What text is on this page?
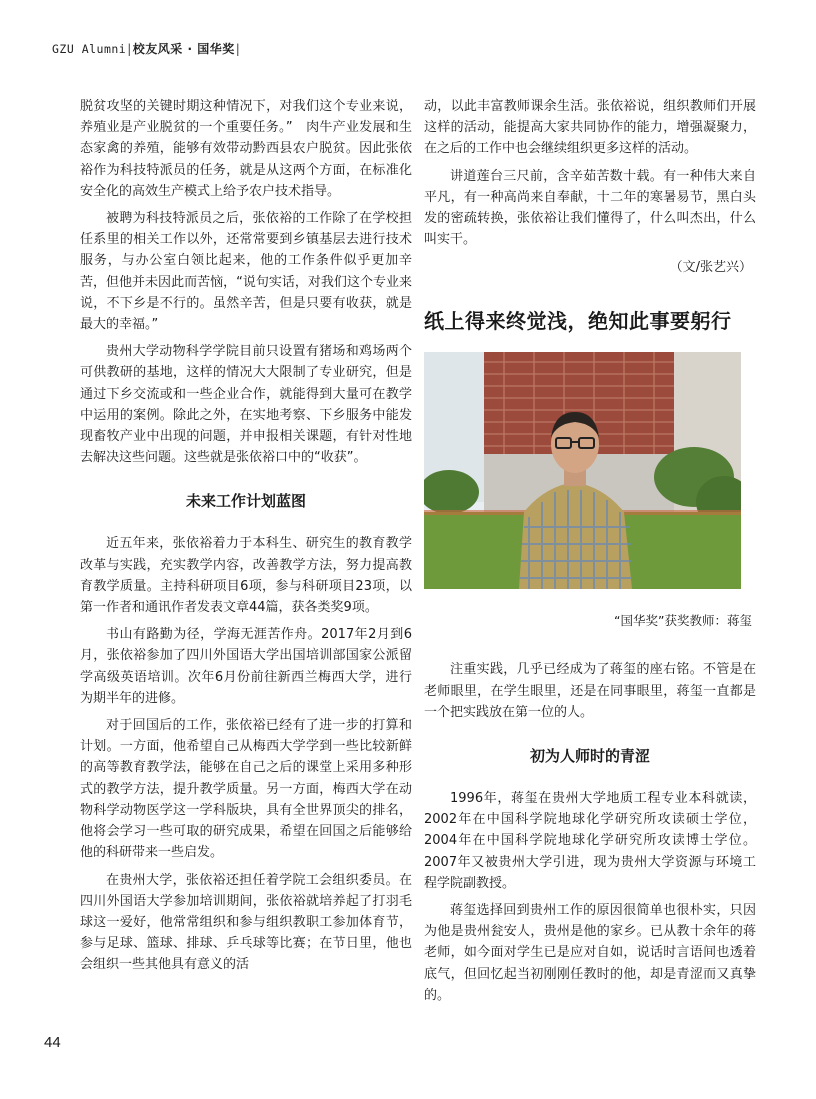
GZU Alumni|校友风采 · 国华奖|

脱贫攻坚的关键时期这种情况下，对我们这个专业来说，养殖业是产业脱贫的一个重要任务。”　肉牛产业发展和生态家禽的养殖，能够有效带动黔西县农户脱贫。因此张依裕作为科技特派员的任务，就是从这两个方面，在标准化安全化的高效生产模式上给予农户技术指导。

被聘为科技特派员之后，张依裕的工作除了在学校担任系里的相关工作以外，还常常要到乡镇基层去进行技术服务，与办公室白领比起来，他的工作条件似乎更加辛苦，但他并未因此而苦恼，“说句实话，对我们这个专业来说，不下乡是不行的。虽然辛苦，但是只要有收获，就是最大的幸福。”

贵州大学动物科学学院目前只设置有猪场和鸡场两个可供教研的基地，这样的情况大大限制了专业研究，但是通过下乡交流或和一些企业合作，就能得到大量可在教学中运用的案例。除此之外，在实地考察、下乡服务中能发现畜牧产业中出现的问题，并申报相关课题，有针对性地去解决这些问题。这些就是张依裕口中的“收获”。

未来工作计划蓝图

近五年来，张依裕着力于本科生、研究生的教育教学改革与实践，充实教学内容，改善教学方法，努力提高教育教学质量。主持科研项目6项，参与科研项目23项，以第一作者和通讯作者发表文章44篇，获各类奖9项。

书山有路勤为径，学海无涯苦作舟。2017年2月到6月，张依裕参加了四川外国语大学出国培训部国家公派留学高级英语培训。次年6月份前往新西兰梅西大学，进行为期半年的进修。

对于回国后的工作，张依裕已经有了进一步的打算和计划。一方面，他希望自己从梅西大学学到一些比较新鲜的高等教育教学法，能够在自己之后的课堂上采用多种形式的教学方法，提升教学质量。另一方面，梅西大学在动物科学动物医学这一学科版块，具有全世界顶尖的排名，他将会学习一些可取的研究成果，希望在回国之后能够给他的科研带来一些启发。

在贵州大学，张依裕还担任着学院工会组织委员。在四川外国语大学参加培训期间，张依裕就培养起了打羽毛球这一爱好，他常常组织和参与组织教职工参加体育节，参与足球、篮球、排球、乒乓球等比赛；在节日里，他也会组织一些其他具有意义的活

动，以此丰富教师课余生活。张依裕说，组织教师们开展这样的活动，能提高大家共同协作的能力，增强凝聚力，在之后的工作中也会继续组织更多这样的活动。

讲道莲台三尺前，含辛茹苦数十载。有一种伟大来自平凡，有一种高尚来自奉献，十二年的寒暑易节，黑白头发的密疏转换，张依裕让我们懂得了，什么叫杰出，什么叫实干。

（文/张艺兴）
纸上得来终觉浅，绝知此事要躬行
“国华奖”获奖教师：蒋玺

注重实践，几乎已经成为了蒋玺的座右铭。不管是在老师眼里，在学生眼里，还是在同事眼里，蒋玺一直都是一个把实践放在第一位的人。

初为人师时的青涩

1996年，蒋玺在贵州大学地质工程专业本科就读，2002年在中国科学院地球化学研究所攻读硕士学位，2004年在中国科学院地球化学研究所攻读博士学位。2007年又被贵州大学引进，现为贵州大学资源与环境工程学院副教授。

蒋玺选择回到贵州工作的原因很简单也很朴实，只因为他是贵州瓮安人，贵州是他的家乡。已从教十余年的蒋老师，如今面对学生已是应对自如，说话时言语间也透着底气，但回忆起当初刚刚任教时的他，却是青涩而又真挚的。

44
